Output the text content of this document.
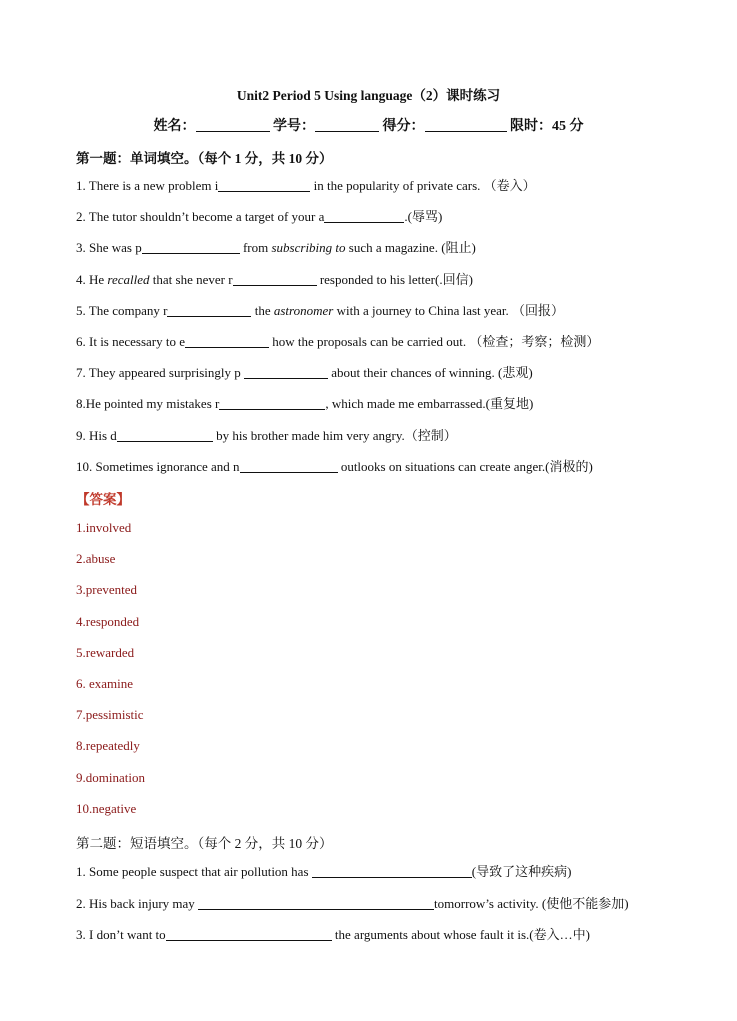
Unit2 Period 5 Using language（2）课时练习
姓名：	学号：	得分：	限时：45 分
第一题：单词填空。（每个 1 分，共 10 分）
1. There is a new problem i	in the popularity of private cars. （卷入）
2. The tutor shouldn’t become a target of your a	.(辱骂)
3. She was p	from subscribing to such a magazine. (阻止)
4. He recalled that she never r	responded to his letter(.回信)
5. The company r	the astronomer with a journey to China last year. （回报）
6. It is necessary to e	how the proposals can be carried out. （检查；考察；检测）
7. They appeared surprisingly p	about their chances of winning. (悲观)
8.He pointed my mistakes r	, which made me embarrassed.(重复地)
9. His d	by his brother made him very angry.（控制）
10. Sometimes ignorance and n	outlooks on situations can create anger.(消极的)
【答案】
1.involved
2.abuse
3.prevented
4.responded
5.rewarded
6. examine
7.pessimistic
8.repeatedly
9.domination
10.negative
第二题：短语填空。（每个 2 分，共 10 分）
1. Some people suspect that air pollution has	(导致了这种疾病)
2. His back injury may	tomorrow’s activity. (使他不能参加)
3. I don’t want to	the arguments about whose fault it is.(卷入…中)
